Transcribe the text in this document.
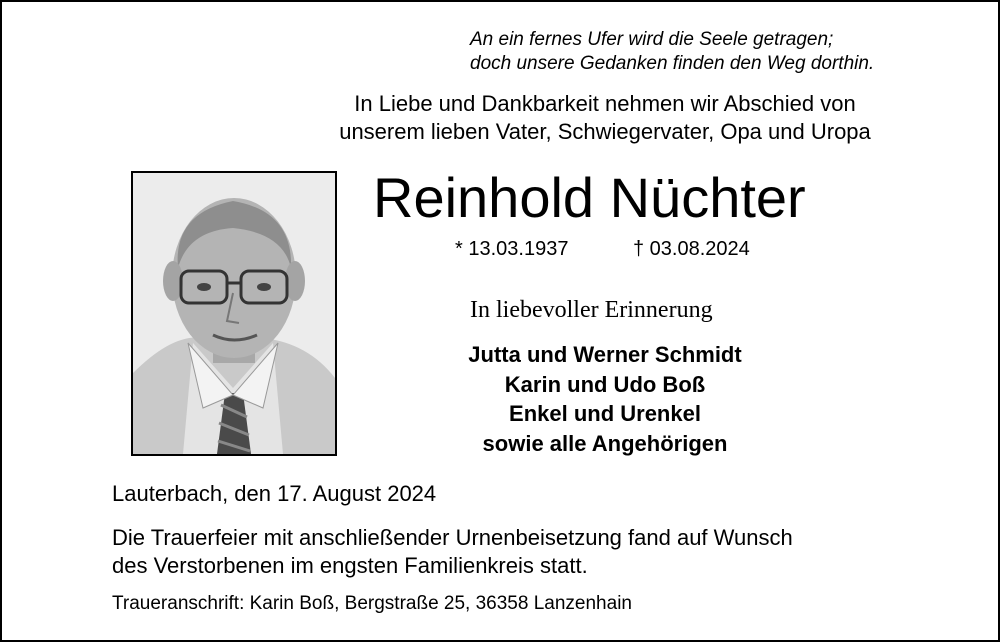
An ein fernes Ufer wird die Seele getragen;
doch unsere Gedanken finden den Weg dorthin.
In Liebe und Dankbarkeit nehmen wir Abschied von
unserem lieben Vater, Schwiegervater, Opa und Uropa
Reinhold Nüchter
* 13.03.1937	† 03.08.2024
In liebevoller Erinnerung
Jutta und Werner Schmidt
Karin und Udo Boß
Enkel und Urenkel
sowie alle Angehörigen
Lauterbach, den 17. August 2024
Die Trauerfeier mit anschließender Urnenbeisetzung fand auf Wunsch
des Verstorbenen im engsten Familienkreis statt.
Traueranschrift: Karin Boß, Bergstraße 25, 36358 Lanzenhain
